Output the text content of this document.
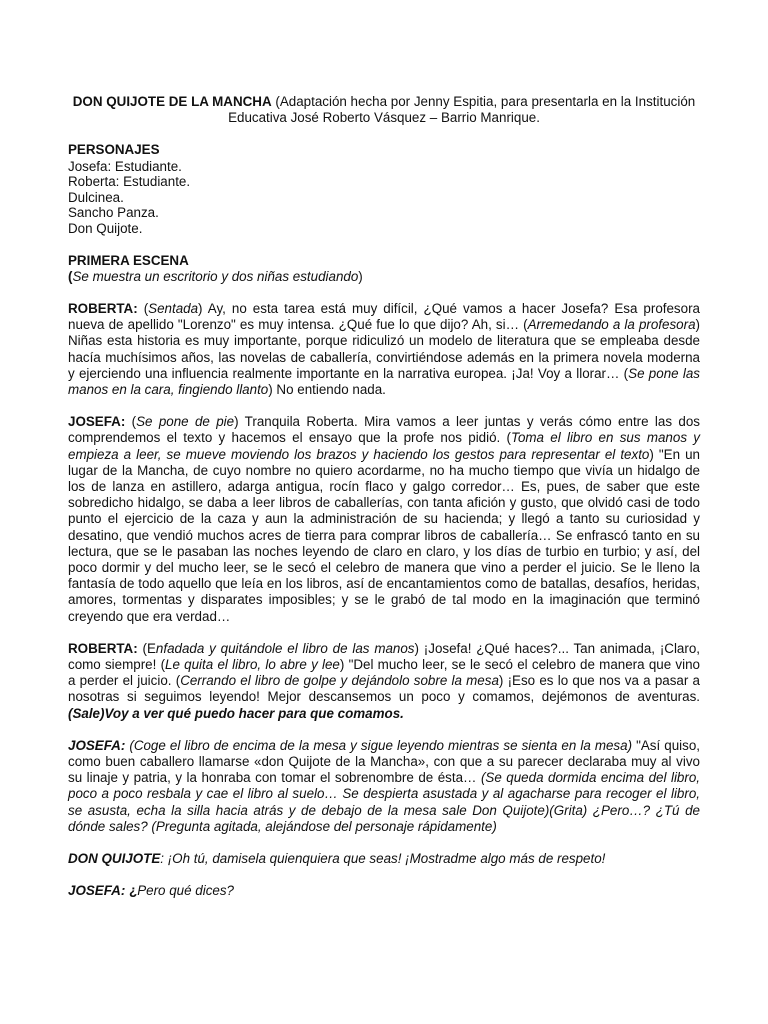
DON QUIJOTE DE LA MANCHA (Adaptación hecha por Jenny Espitia, para presentarla en la Institución Educativa José Roberto Vásquez – Barrio Manrique.

PERSONAJES
Josefa: Estudiante.
Roberta: Estudiante.
Dulcinea.
Sancho Panza.
Don Quijote.
PRIMERA ESCENA
(Se muestra un escritorio y dos niñas estudiando)

ROBERTA: (Sentada) Ay, no esta tarea está muy difícil, ¿Qué vamos a hacer Josefa? Esa profesora nueva de apellido "Lorenzo" es muy intensa. ¿Qué fue lo que dijo? Ah, si… (Arremedando a la profesora) Niñas esta historia es muy importante, porque ridiculizó un modelo de literatura que se empleaba desde hacía muchísimos años, las novelas de caballería, convirtiéndose además en la primera novela moderna y ejerciendo una influencia realmente importante en la narrativa europea. ¡Ja! Voy a llorar… (Se pone las manos en la cara, fingiendo llanto) No entiendo nada.

JOSEFA: (Se pone de pie) Tranquila Roberta. Mira vamos a leer juntas y verás cómo entre las dos comprendemos el texto y hacemos el ensayo que la profe nos pidió. (Toma el libro en sus manos y empieza a leer, se mueve moviendo los brazos y haciendo los gestos para representar el texto) "En un lugar de la Mancha, de cuyo nombre no quiero acordarme, no ha mucho tiempo que vivía un hidalgo de los de lanza en astillero, adarga antigua, rocín flaco y galgo corredor… Es, pues, de saber que este sobredicho hidalgo, se daba a leer libros de caballerías, con tanta afición y gusto, que olvidó casi de todo punto el ejercicio de la caza y aun la administración de su hacienda; y llegó a tanto su curiosidad y desatino, que vendió muchos acres de tierra para comprar libros de caballería… Se enfrascó tanto en su lectura, que se le pasaban las noches leyendo de claro en claro, y los días de turbio en turbio; y así, del poco dormir y del mucho leer, se le secó el celebro de manera que vino a perder el juicio. Se le lleno la fantasía de todo aquello que leía en los libros, así de encantamientos como de batallas, desafíos, heridas, amores, tormentas y disparates imposibles; y se le grabó de tal modo en la imaginación que terminó creyendo que era verdad…

ROBERTA: (Enfadada y quitándole el libro de las manos) ¡Josefa! ¿Qué haces?... Tan animada, ¡Claro, como siempre! (Le quita el libro, lo abre y lee) "Del mucho leer, se le secó el celebro de manera que vino a perder el juicio. (Cerrando el libro de golpe y dejándolo sobre la mesa) ¡Eso es lo que nos va a pasar a nosotras si seguimos leyendo! Mejor descansemos un poco y comamos, dejémonos de aventuras. (Sale)Voy a ver qué puedo hacer para que comamos.

JOSEFA: (Coge el libro de encima de la mesa y sigue leyendo mientras se sienta en la mesa) "Así quiso, como buen caballero llamarse «don Quijote de la Mancha», con que a su parecer declaraba muy al vivo su linaje y patria, y la honraba con tomar el sobrenombre de ésta… (Se queda dormida encima del libro, poco a poco resbala y cae el libro al suelo… Se despierta asustada y al agacharse para recoger el libro, se asusta, echa la silla hacia atrás y de debajo de la mesa sale Don Quijote)(Grita) ¿Pero…? ¿Tú de dónde sales? (Pregunta agitada, alejándose del personaje rápidamente)

DON QUIJOTE: ¡Oh tú, damisela quienquiera que seas! ¡Mostradme algo más de respeto!

JOSEFA: ¿Pero qué dices?
